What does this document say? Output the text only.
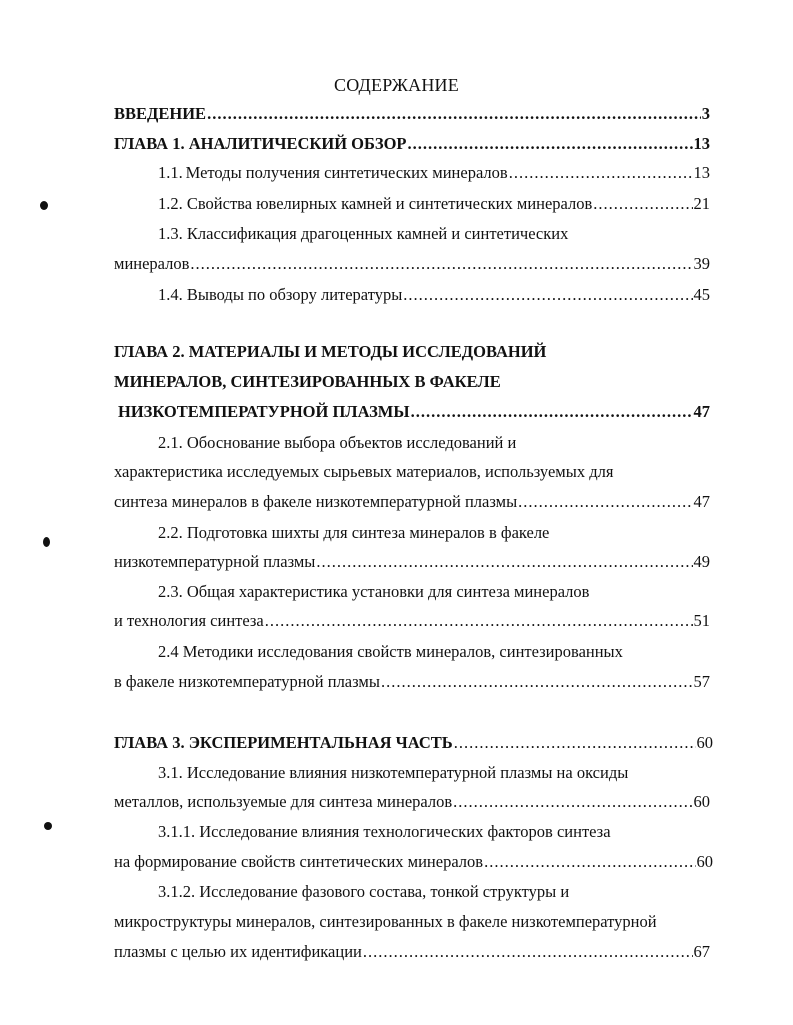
СОДЕРЖАНИЕ
ВВЕДЕНИЕ .....	3
ГЛАВА 1. АНАЛИТИЧЕСКИЙ ОБЗОР .....	13
1.1. Методы получения синтетических минералов .....	13
1.2. Свойства ювелирных камней и синтетических минералов .....	21
1.3. Классификация драгоценных камней и синтетических
минералов .....	39
1.4. Выводы по обзору литературы .....	45
ГЛАВА 2. МАТЕРИАЛЫ И МЕТОДЫ ИССЛЕДОВАНИЙ
МИНЕРАЛОВ, СИНТЕЗИРОВАННЫХ В ФАКЕЛЕ
НИЗКОТЕМПЕРАТУРНОЙ ПЛАЗМЫ .....	47
2.1. Обоснование выбора объектов исследований и
характеристика исследуемых сырьевых материалов, используемых для
синтеза минералов в факеле низкотемпературной плазмы .....	47
2.2. Подготовка шихты для синтеза минералов в факеле
низкотемпературной плазмы .....	49
2.3. Общая характеристика установки для синтеза минералов
и технология синтеза .....	51
2.4 Методики исследования свойств минералов, синтезированных
в факеле низкотемпературной плазмы .....	57
ГЛАВА 3. ЭКСПЕРИМЕНТАЛЬНАЯ ЧАСТЬ .....	60
3.1. Исследование влияния низкотемпературной плазмы на оксиды
металлов, используемые для синтеза минералов .....	60
3.1.1. Исследование влияния технологических факторов синтеза
на формирование свойств синтетических минералов .....	60
3.1.2. Исследование фазового состава, тонкой структуры и
микроструктуры минералов, синтезированных в факеле низкотемпературной
плазмы с целью их идентификации .....	67
